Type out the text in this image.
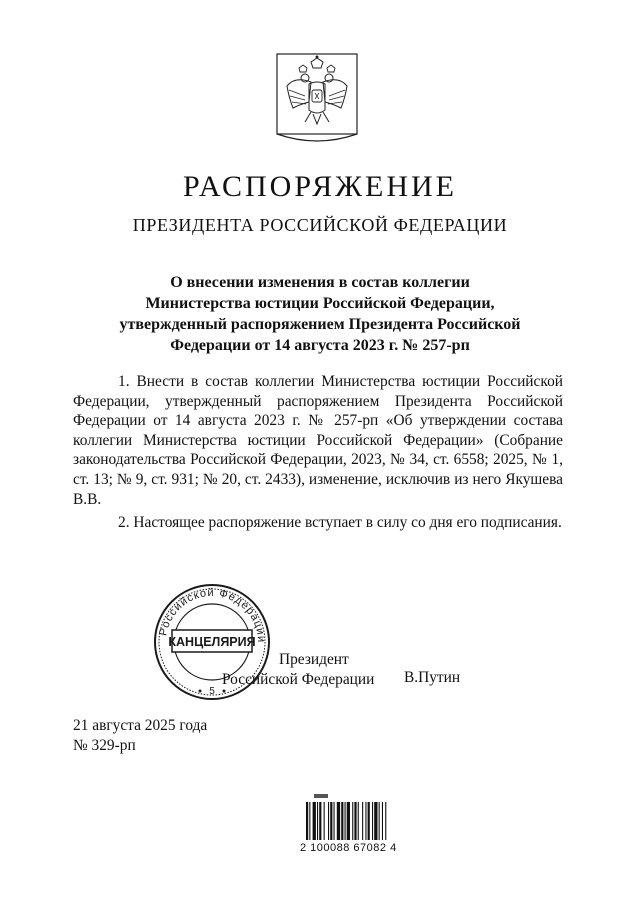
РАСПОРЯЖЕНИЕ
ПРЕЗИДЕНТА РОССИЙСКОЙ ФЕДЕРАЦИИ
О внесении изменения в состав коллегии
Министерства юстиции Российской Федерации,
утвержденный распоряжением Президента Российской
Федерации от 14 августа 2023 г. № 257-рп

1. Внести в состав коллегии Министерства юстиции Российской Федерации, утвержденный распоряжением Президента Российской Федерации от 14 августа 2023 г. № 257-рп «Об утверждении состава коллегии Министерства юстиции Российской Федерации» (Собрание законодательства Российской Федерации, 2023, № 34, ст. 6558; 2025, № 1, ст. 13; № 9, ст. 931; № 20, ст. 2433), изменение, исключив из него Якушева В.В.

2. Настоящее распоряжение вступает в силу со дня его подписания.

Президент
Российской Федерации В.Путин
Российской Федерации
КАНЦЕЛЯРИЯ
5
21 августа 2025 года
№ 329-рп
2 100088 67082 4
